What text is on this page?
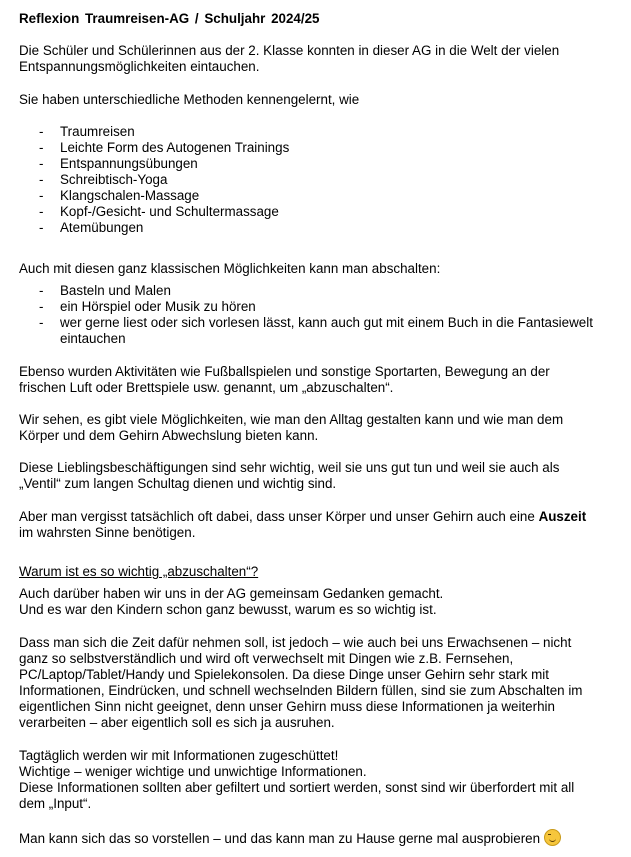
Reflexion Traumreisen-AG / Schuljahr 2024/25
Die Schüler und Schülerinnen aus der 2. Klasse konnten in dieser AG in die Welt der vielen
Entspannungsmöglichkeiten eintauchen.
Sie haben unterschiedliche Methoden kennengelernt, wie
- Traumreisen
- Leichte Form des Autogenen Trainings
- Entspannungsübungen
- Schreibtisch-Yoga
- Klangschalen-Massage
- Kopf-/Gesicht- und Schultermassage
- Atemübungen
Auch mit diesen ganz klassischen Möglichkeiten kann man abschalten:
- Basteln und Malen
- ein Hörspiel oder Musik zu hören
- wer gerne liest oder sich vorlesen lässt, kann auch gut mit einem Buch in die Fantasiewelt
eintauchen
Ebenso wurden Aktivitäten wie Fußballspielen und sonstige Sportarten, Bewegung an der
frischen Luft oder Brettspiele usw. genannt, um „abzuschalten“.
Wir sehen, es gibt viele Möglichkeiten, wie man den Alltag gestalten kann und wie man dem
Körper und dem Gehirn Abwechslung bieten kann.
Diese Lieblingsbeschäftigungen sind sehr wichtig, weil sie uns gut tun und weil sie auch als
„Ventil“ zum langen Schultag dienen und wichtig sind.
Aber man vergisst tatsächlich oft dabei, dass unser Körper und unser Gehirn auch eine Auszeit
im wahrsten Sinne benötigen.
Warum ist es so wichtig „abzuschalten“?
Auch darüber haben wir uns in der AG gemeinsam Gedanken gemacht.
Und es war den Kindern schon ganz bewusst, warum es so wichtig ist.
Dass man sich die Zeit dafür nehmen soll, ist jedoch – wie auch bei uns Erwachsenen – nicht
ganz so selbstverständlich und wird oft verwechselt mit Dingen wie z.B. Fernsehen,
PC/Laptop/Tablet/Handy und Spielekonsolen. Da diese Dinge unser Gehirn sehr stark mit
Informationen, Eindrücken, und schnell wechselnden Bildern füllen, sind sie zum Abschalten im
eigentlichen Sinn nicht geeignet, denn unser Gehirn muss diese Informationen ja weiterhin
verarbeiten – aber eigentlich soll es sich ja ausruhen.
Tagtäglich werden wir mit Informationen zugeschüttet!
Wichtige – weniger wichtige und unwichtige Informationen.
Diese Informationen sollten aber gefiltert und sortiert werden, sonst sind wir überfordert mit all
dem „Input“.
Man kann sich das so vorstellen – und das kann man zu Hause gerne mal ausprobieren
